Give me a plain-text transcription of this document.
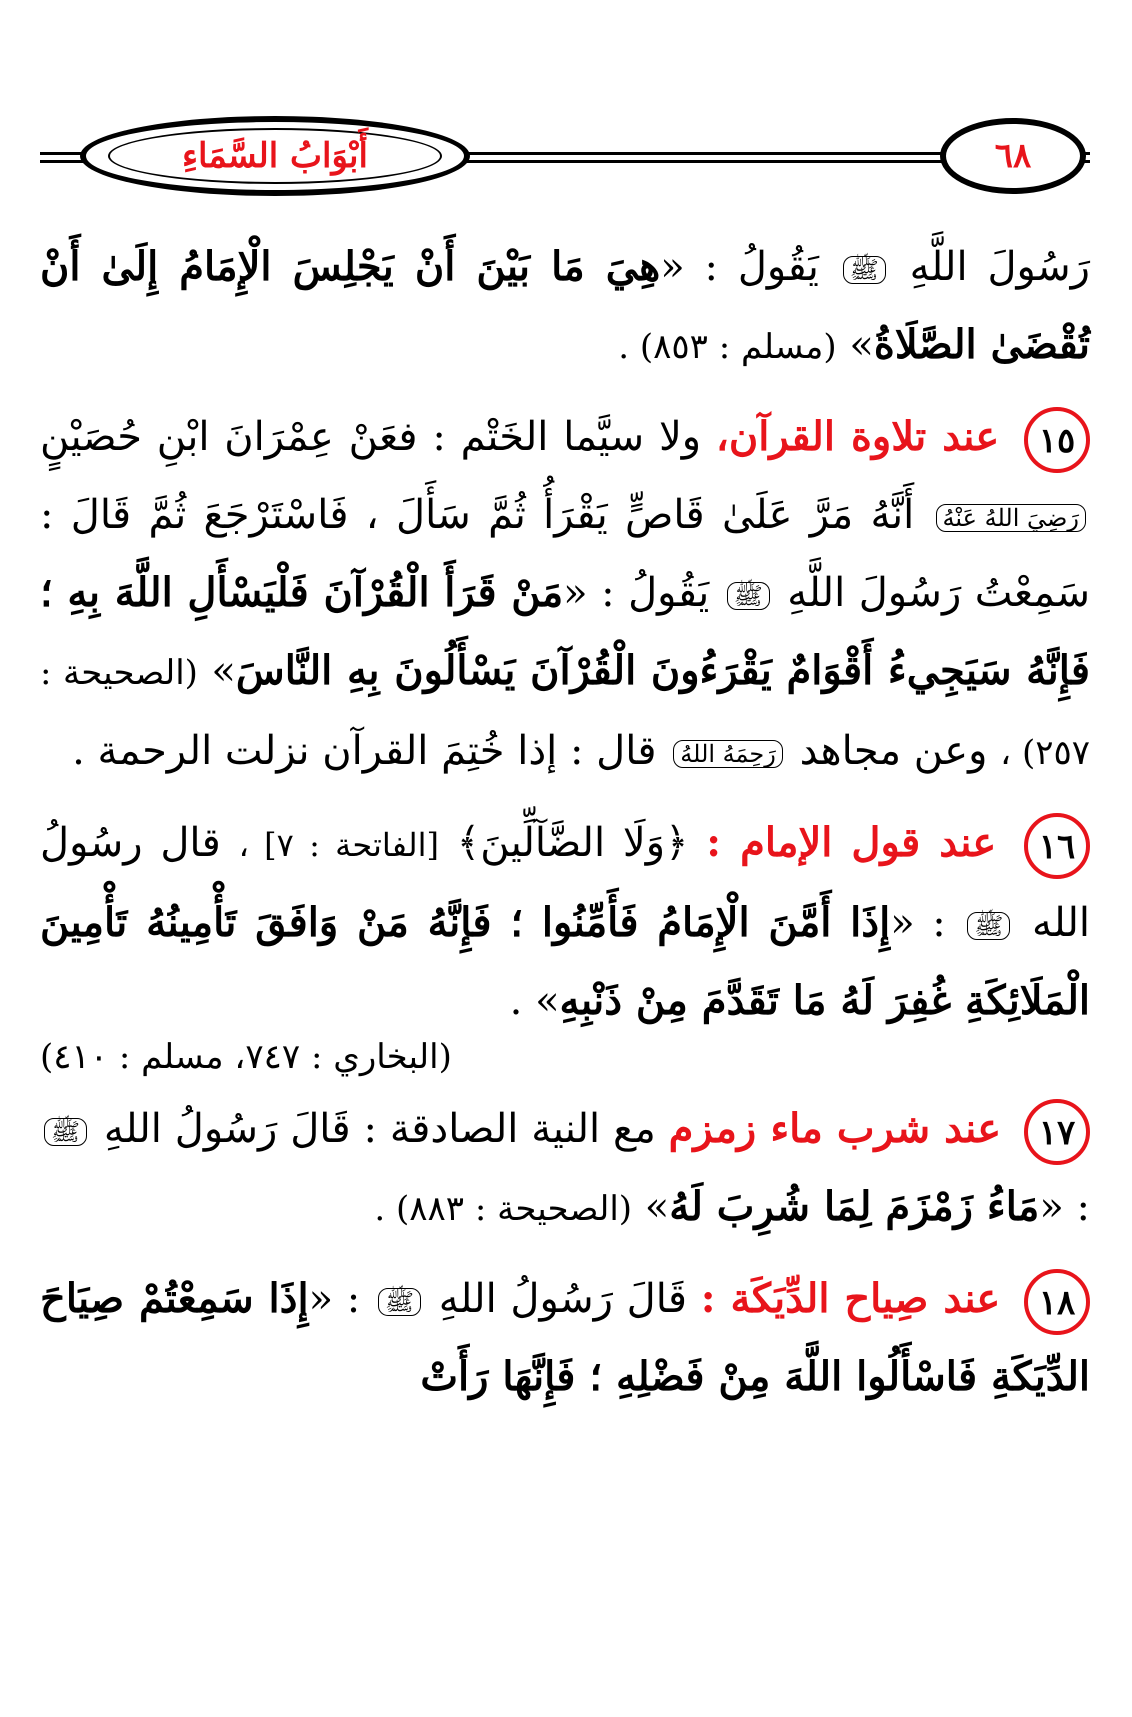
أَبْوَابُ السَّمَاءِ	٦٨

رَسُولَ اللَّهِ ﷺ يَقُولُ : «هِيَ مَا بَيْنَ أَنْ يَجْلِسَ الْإِمَامُ إِلَىٰ أَنْ تُقْضَىٰ الصَّلَاةُ» (مسلم : ٨٥٣) .

١٥ عند تلاوة القرآن، ولا سيَّما الخَتْم : فعَنْ عِمْرَانَ ابْنِ حُصَيْنٍ رَضِيَ اللهُ عَنْهُ أَنَّهُ مَرَّ عَلَىٰ قَاصٍّ يَقْرَأُ ثُمَّ سَأَلَ ، فَاسْتَرْجَعَ ثُمَّ قَالَ : سَمِعْتُ رَسُولَ اللَّهِ ﷺ يَقُولُ : «مَنْ قَرَأَ الْقُرْآنَ فَلْيَسْأَلِ اللَّهَ بِهِ ؛ فَإِنَّهُ سَيَجِيءُ أَقْوَامٌ يَقْرَءُونَ الْقُرْآنَ يَسْأَلُونَ بِهِ النَّاسَ» (الصحيحة : ٢٥٧) ، وعن مجاهد رَحِمَهُ اللهُ قال : إذا خُتِمَ القرآن نزلت الرحمة .

١٦ عند قول الإمام : ﴿وَلَا الضَّآلِّينَ﴾ [الفاتحة : ٧] ، قال رسُولُ الله ﷺ : «إِذَا أَمَّنَ الْإِمَامُ فَأَمِّنُوا ؛ فَإِنَّهُ مَنْ وَافَقَ تَأْمِينُهُ تَأْمِينَ الْمَلَائِكَةِ غُفِرَ لَهُ مَا تَقَدَّمَ مِنْ ذَنْبِهِ» .

(البخاري : ٧٤٧، مسلم : ٤١٠)

١٧ عند شرب ماء زمزم مع النية الصادقة : قَالَ رَسُولُ اللهِ ﷺ : «مَاءُ زَمْزَمَ لِمَا شُرِبَ لَهُ» (الصحيحة : ٨٨٣) .

١٨ عند صِياح الدِّيَكَة : قَالَ رَسُولُ اللهِ ﷺ : «إِذَا سَمِعْتُمْ صِيَاحَ الدِّيَكَةِ فَاسْأَلُوا اللَّهَ مِنْ فَضْلِهِ ؛ فَإِنَّهَا رَأَتْ
